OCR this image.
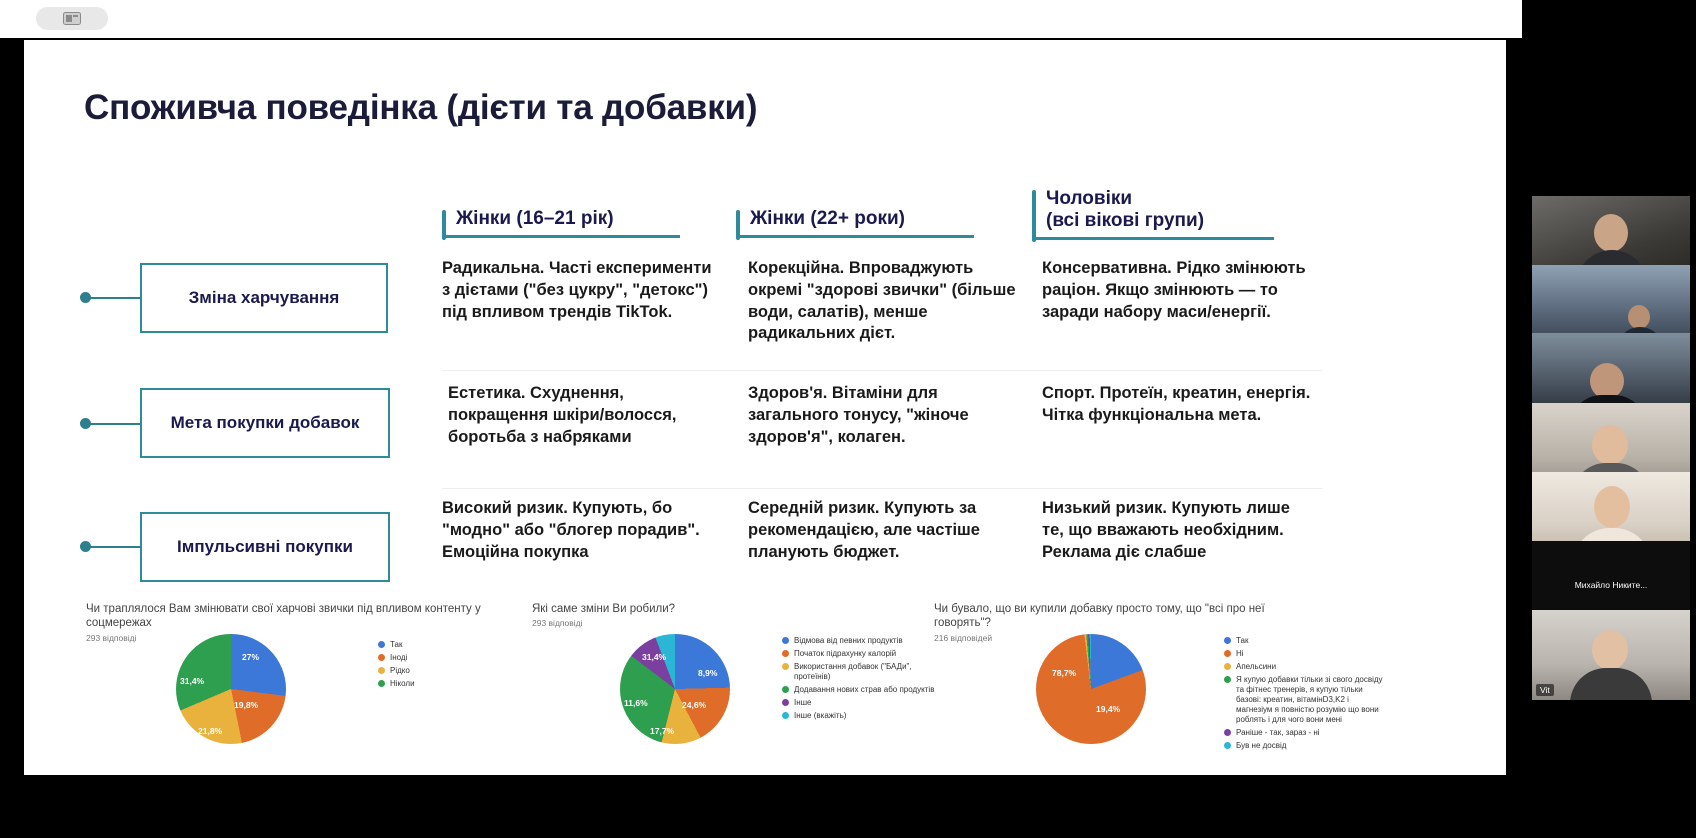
Споживча поведінка (дієти та добавки)
Жінки (16–21 рік)	Жінки (22+ роки)
Чоловіки
(всі вікові групи)
Зміна харчування
Радикальна. Часті експерименти з дієтами ("без цукру", "детокс") під впливом трендів TikTok.
Корекційна. Впроваджують окремі "здорові звички" (більше води, салатів), менше радикальних дієт.
Консервативна. Рідко змінюють раціон. Якщо змінюють — то заради набору маси/енергії.
Мета покупки добавок
Естетика. Схуднення, покращення шкіри/волосся, боротьба з набряками
Здоров'я. Вітаміни для загального тонусу, "жіноче здоров'я", колаген.
Спорт. Протеїн, креатин, енергія. Чітка функціональна мета.
Імпульсивні покупки
Високий ризик. Купують, бо "модно" або "блогер порадив". Емоційна покупка
Середній ризик. Купують за рекомендацією, але частіше планують бюджет.
Низький ризик. Купують лише те, що вважають необхідним. Реклама діє слабше
Чи траплялося Вам змінювати свої харчові звички під впливом контенту у соцмережах
293 відповіді
27%
19,8%
21,8%
31,4%
Так
Іноді
Рідко
Ніколи
Які саме зміни Ви робили?
293 відповіді
24,6%
17,7%
11,6%
31,4%
8,9%
Відмова від певних продуктів
Початок підрахунку калорій
Використання добавок ("БАДи", протеїнів)
Додавання нових страв або продуктів
Інше
Інше (вкажіть)
Чи бувало, що ви купили добавку просто тому, що "всі про неї говорять"?
216 відповідей
19,4%
78,7%
Так
Ні
Апельсини
Я купую добавки тільки зі свого досвіду та фітнес тренерів, я купую тільки базові: креатин, вітамінD3,K2 і магнезіум я повністю розумію що вони роблять і для чого вони мені
Раніше - так, зараз - ні
Був не досвід
Михайло Никите...
Vit
